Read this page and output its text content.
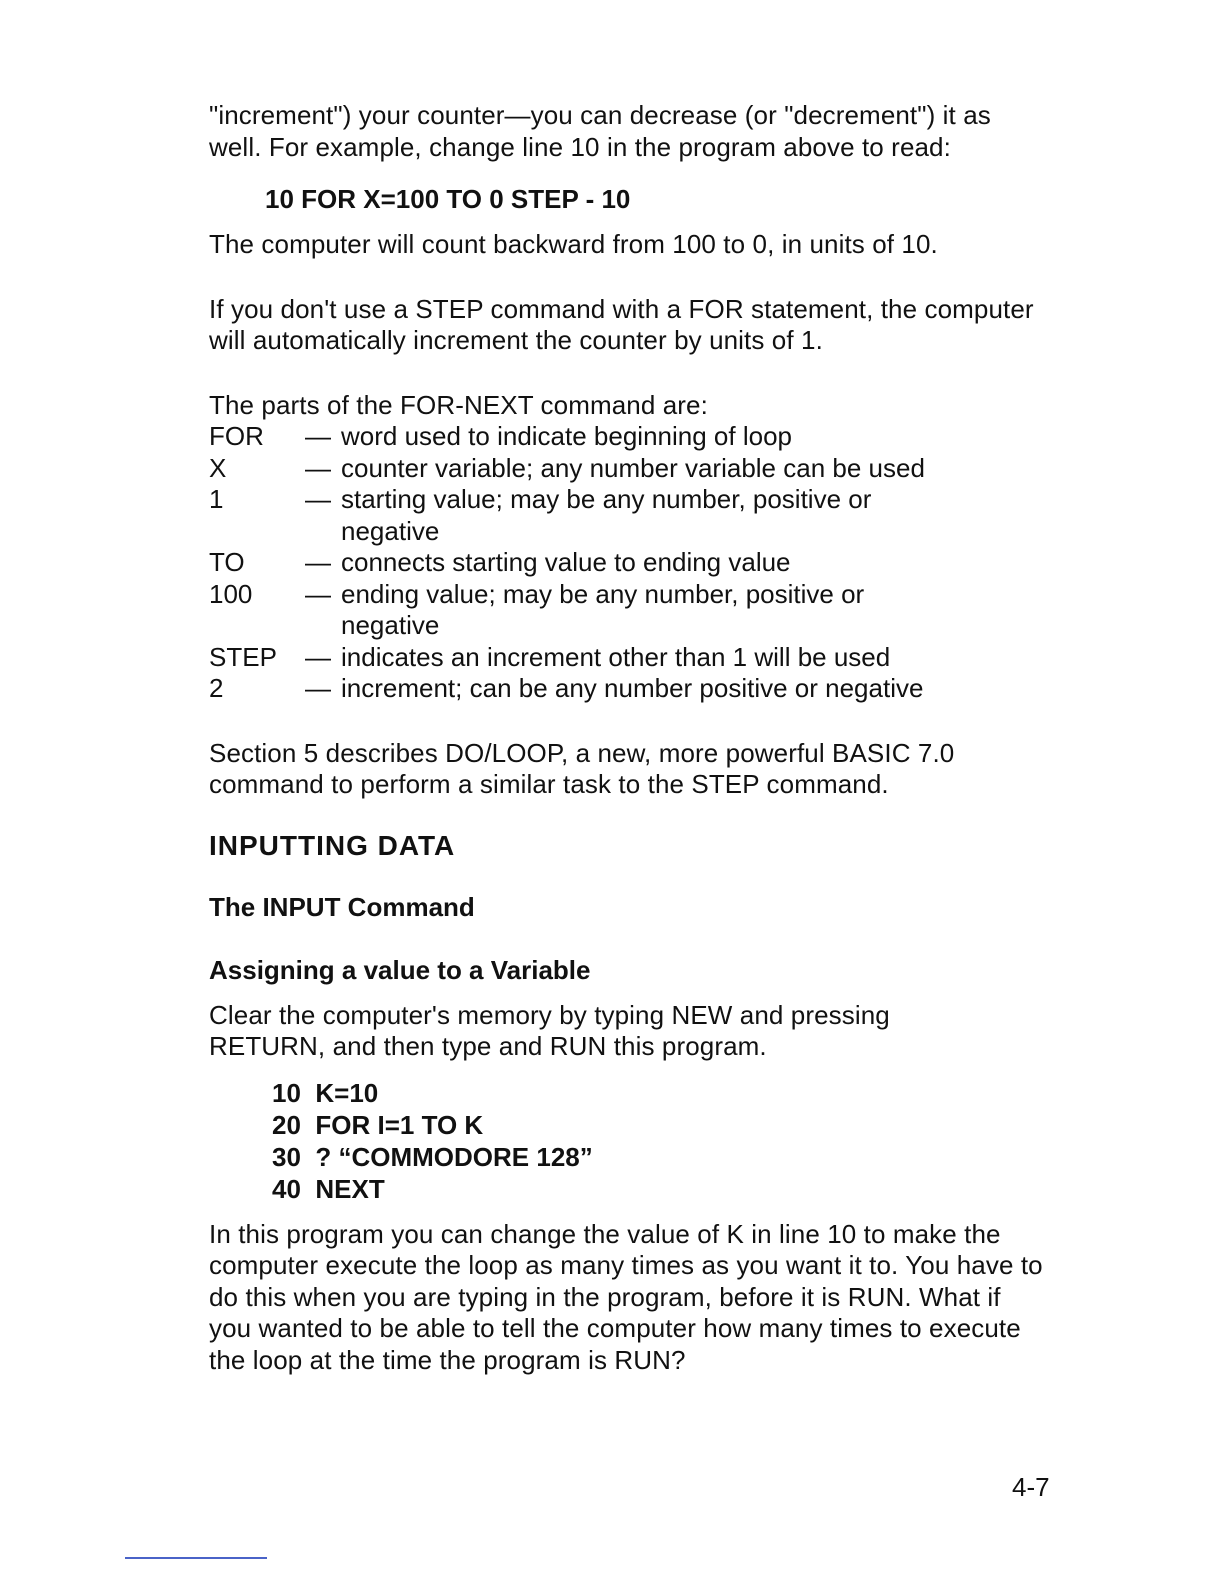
"increment") your counter—you can decrease (or "decrement") it as well. For example, change line 10 in the program above to read:

10 FOR X=100 TO 0 STEP - 10

The computer will count backward from 100 to 0, in units of 10.

If you don't use a STEP command with a FOR statement, the computer will automatically increment the counter by units of 1.

The parts of the FOR-NEXT command are:

FOR	— word used to indicate beginning of loop
X	— counter variable; any number variable can be used
1	— starting value; may be any number, positive or negative
TO	— connects starting value to ending value
100	— ending value; may be any number, positive or negative
STEP	— indicates an increment other than 1 will be used
2	— increment; can be any number positive or negative

Section 5 describes DO/LOOP, a new, more powerful BASIC 7.0 command to perform a similar task to the STEP command.

INPUTTING DATA
The INPUT Command
Assigning a value to a Variable

Clear the computer's memory by typing NEW and pressing RETURN, and then type and RUN this program.

10  K=10

20  FOR I=1 TO K

30  ? “COMMODORE 128”

40  NEXT

In this program you can change the value of K in line 10 to make the computer execute the loop as many times as you want it to. You have to do this when you are typing in the program, before it is RUN. What if you wanted to be able to tell the computer how many times to execute the loop at the time the program is RUN?

4-7
